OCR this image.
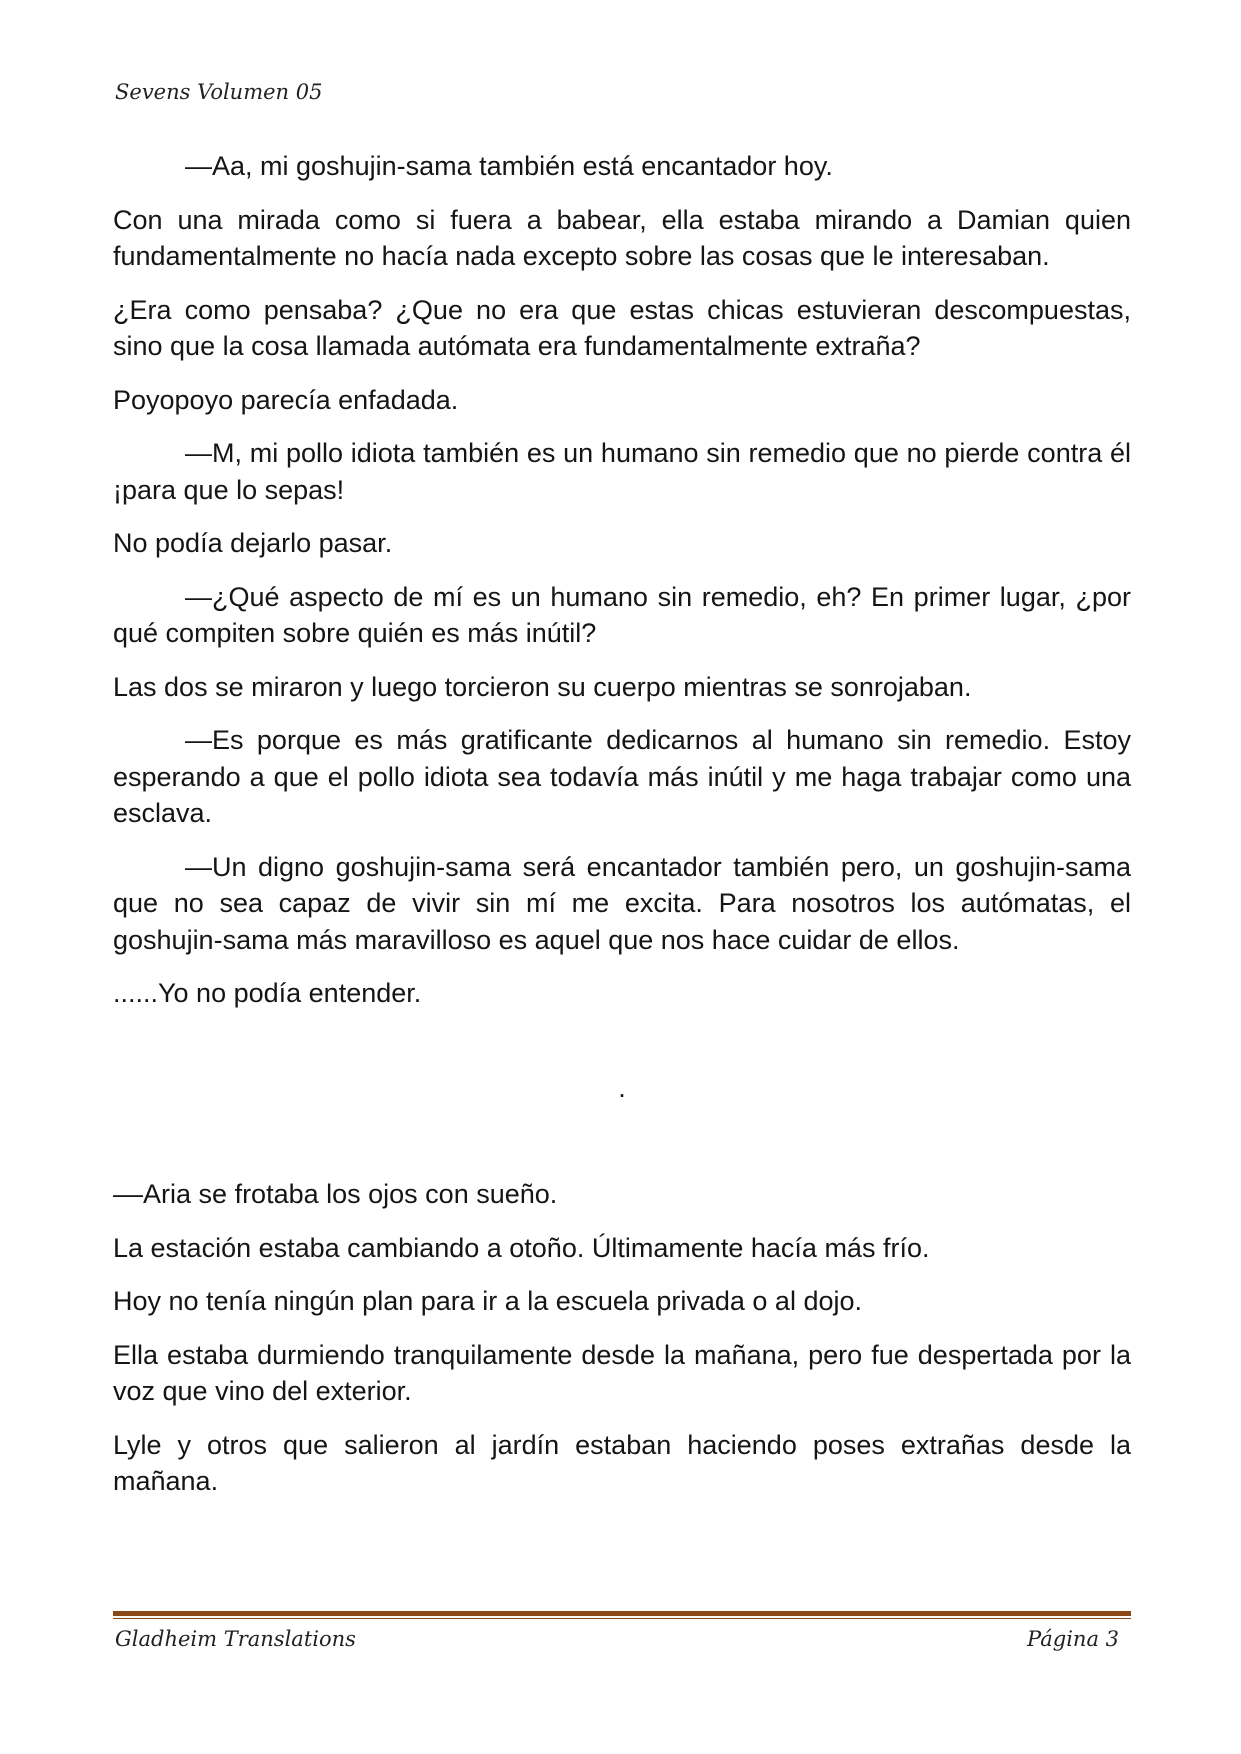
Sevens Volumen 05

—Aa, mi goshujin-sama también está encantador hoy.

Con una mirada como si fuera a babear, ella estaba mirando a Damian quien fundamentalmente no hacía nada excepto sobre las cosas que le interesaban.

¿Era como pensaba? ¿Que no era que estas chicas estuvieran descompuestas, sino que la cosa llamada autómata era fundamentalmente extraña?

Poyopoyo parecía enfadada.

—M, mi pollo idiota también es un humano sin remedio que no pierde contra él ¡para que lo sepas!

No podía dejarlo pasar.

—¿Qué aspecto de mí es un humano sin remedio, eh? En primer lugar, ¿por qué compiten sobre quién es más inútil?

Las dos se miraron y luego torcieron su cuerpo mientras se sonrojaban.

—Es porque es más gratificante dedicarnos al humano sin remedio. Estoy esperando a que el pollo idiota sea todavía más inútil y me haga trabajar como una esclava.

—Un digno goshujin-sama será encantador también pero, un goshujin-sama que no sea capaz de vivir sin mí me excita. Para nosotros los autómatas, el goshujin-sama más maravilloso es aquel que nos hace cuidar de ellos.

......Yo no podía entender.

.

––Aria se frotaba los ojos con sueño.

La estación estaba cambiando a otoño. Últimamente hacía más frío.

Hoy no tenía ningún plan para ir a la escuela privada o al dojo.

Ella estaba durmiendo tranquilamente desde la mañana, pero fue despertada por la voz que vino del exterior.

Lyle y otros que salieron al jardín estaban haciendo poses extrañas desde la mañana.

Gladheim Translations	Página 3
